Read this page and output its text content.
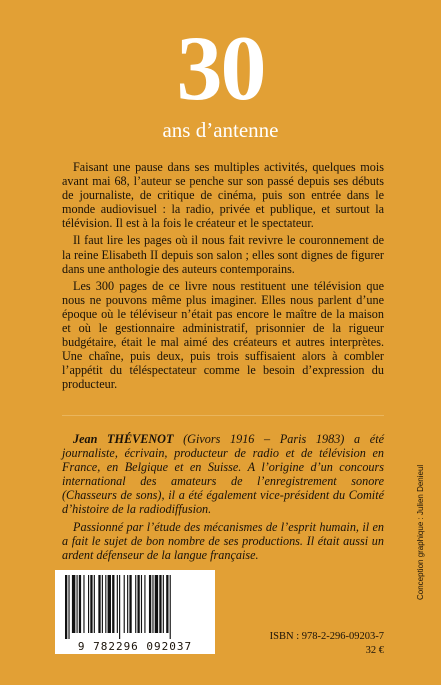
30
ans d’antenne

Faisant une pause dans ses multiples activités, quelques mois avant mai 68, l’auteur se penche sur son passé depuis ses débuts de journaliste, de critique de cinéma, puis son entrée dans le monde audiovisuel : la radio, privée et publique, et surtout la télévision. Il est à la fois le créateur et le spectateur.

Il faut lire les pages où il nous fait revivre le couronnement de la reine Elisabeth II depuis son salon ; elles sont dignes de figurer dans une anthologie des auteurs contemporains.

Les 300 pages de ce livre nous restituent une télévision que nous ne pouvons même plus imaginer. Elles nous parlent d’une époque où le téléviseur n’était pas encore le maître de la maison et où le gestionnaire administratif, prisonnier de la rigueur budgétaire, était le mal aimé des créateurs et autres interprètes. Une chaîne, puis deux, puis trois suffisaient alors à combler l’appétit du téléspectateur comme le besoin d’expression du producteur.

Jean THÉVENOT (Givors 1916 – Paris 1983) a été journaliste, écrivain, producteur de radio et de télévision en France, en Belgique et en Suisse. A l’origine d’un concours international des amateurs de l’enregistrement sonore (Chasseurs de sons), il a été également vice-président du Comité d’histoire de la radiodiffusion.

Passionné par l’étude des mécanismes de l’esprit humain, il en a fait le sujet de bon nombre de ses productions. Il était aussi un ardent défenseur de la langue française.

9 782296 092037
ISBN : 978-2-296-09203-7
32 €
Conception graphique : Julien Denieul
